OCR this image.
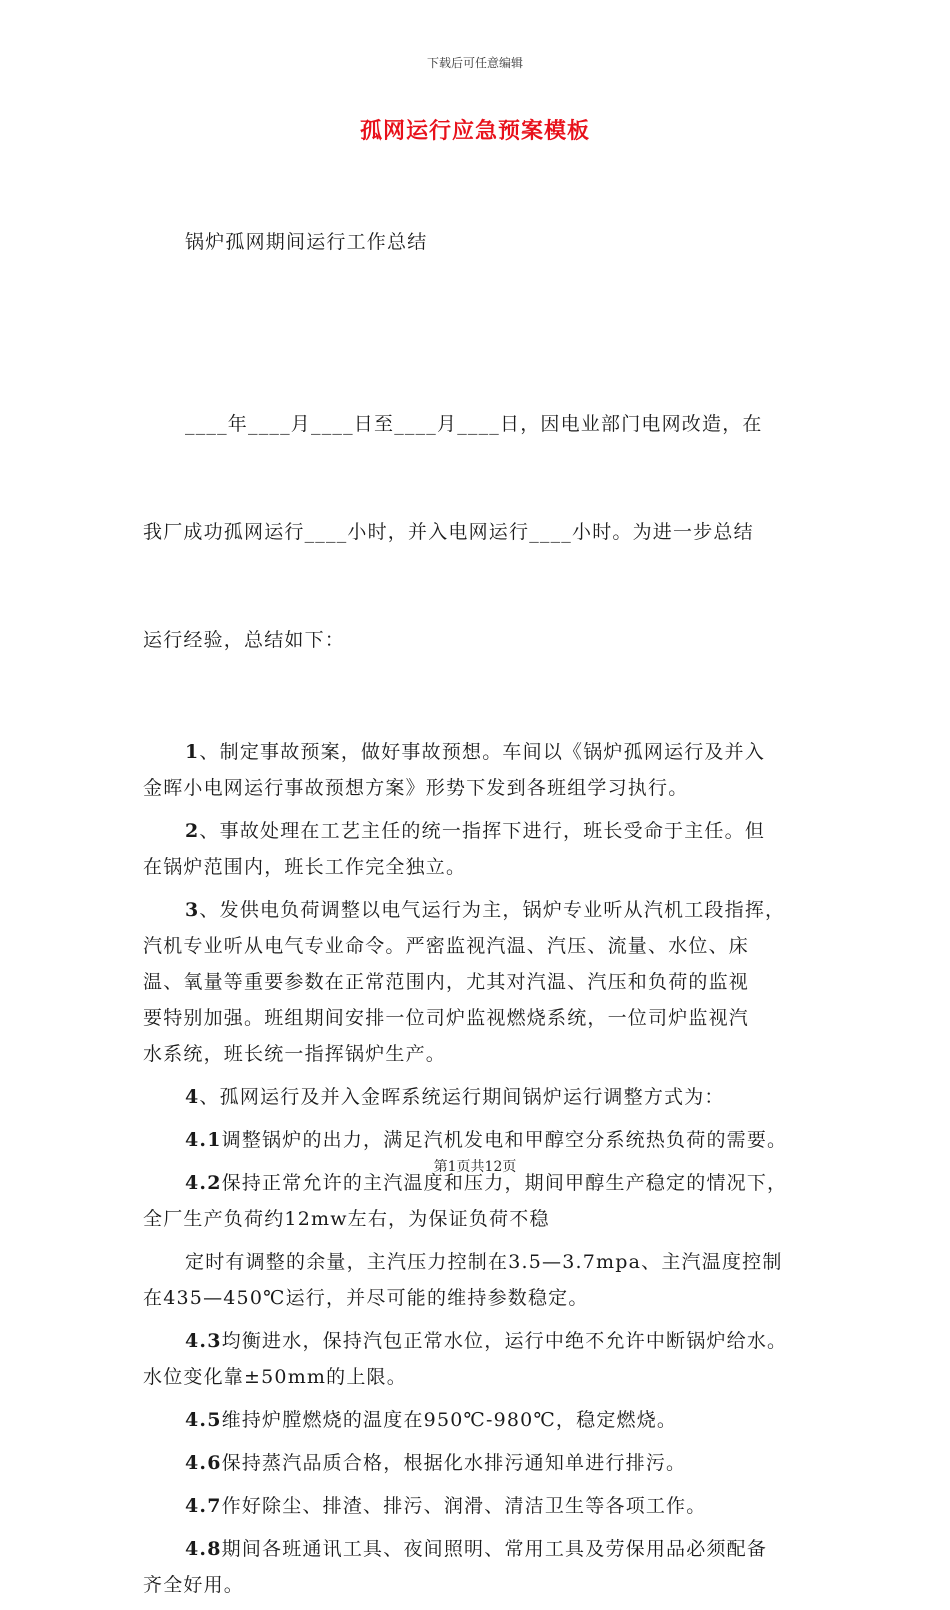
下载后可任意编辑
孤网运行应急预案模板

锅炉孤网期间运行工作总结

____年____月____日至____月____日，因电业部门电网改造，在

我厂成功孤网运行____小时，并入电网运行____小时。为进一步总结

运行经验，总结如下：

1、制定事故预案，做好事故预想。车间以《锅炉孤网运行及并入
金晖小电网运行事故预想方案》形势下发到各班组学习执行。
2、事故处理在工艺主任的统一指挥下进行，班长受命于主任。但
在锅炉范围内，班长工作完全独立。
3、发供电负荷调整以电气运行为主，锅炉专业听从汽机工段指挥，
汽机专业听从电气专业命令。严密监视汽温、汽压、流量、水位、床
温、氧量等重要参数在正常范围内，尤其对汽温、汽压和负荷的监视
要特别加强。班组期间安排一位司炉监视燃烧系统，一位司炉监视汽
水系统，班长统一指挥锅炉生产。
4、孤网运行及并入金晖系统运行期间锅炉运行调整方式为：
4.1调整锅炉的出力，满足汽机发电和甲醇空分系统热负荷的需要。
4.2保持正常允许的主汽温度和压力，期间甲醇生产稳定的情况下，
全厂生产负荷约12mw左右，为保证负荷不稳
定时有调整的余量，主汽压力控制在3.5—3.7mpa、主汽温度控制
在435—450℃运行，并尽可能的维持参数稳定。
4.3均衡进水，保持汽包正常水位，运行中绝不允许中断锅炉给水。
水位变化靠±50mm的上限。
4.5维持炉膛燃烧的温度在950℃-980℃，稳定燃烧。
4.6保持蒸汽品质合格，根据化水排污通知单进行排污。
4.7作好除尘、排渣、排污、润滑、清洁卫生等各项工作。
4.8期间各班通讯工具、夜间照明、常用工具及劳保用品必须配备
齐全好用。
第1页共12页
